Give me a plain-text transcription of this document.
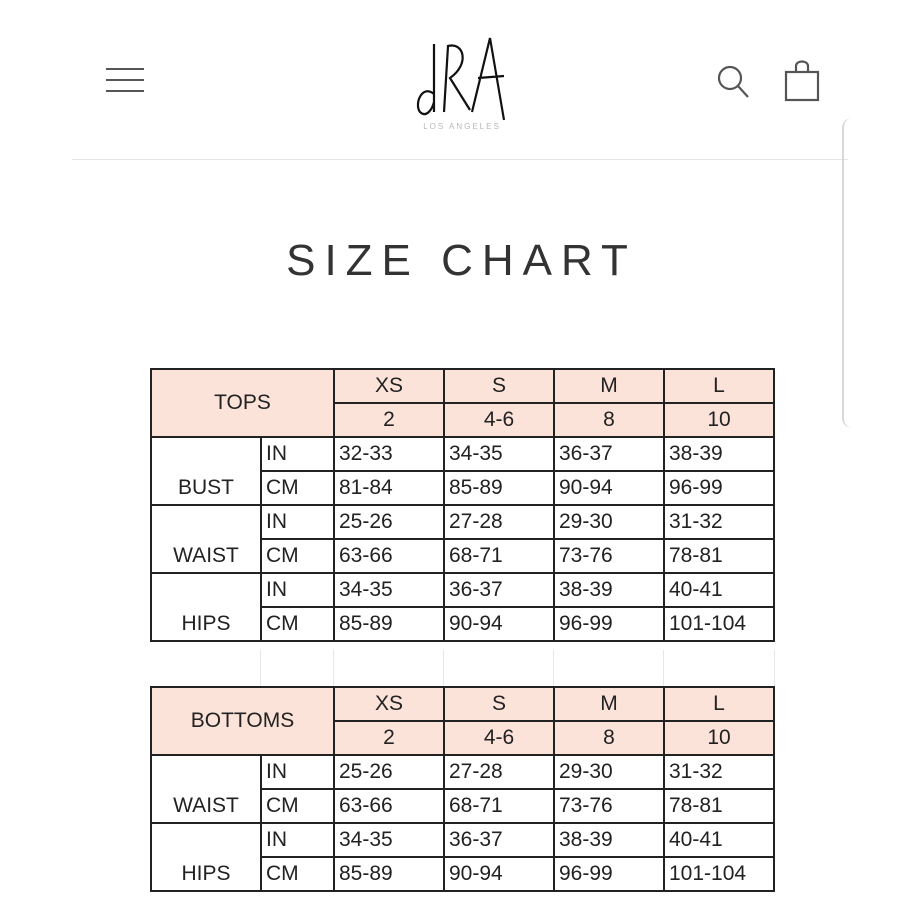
LOS ANGELES
SIZE CHART
TOPS		XS	S	M	L
		2	4-6	8	10
BUST	IN	32-33	34-35	36-37	38-39
	CM	81-84	85-89	90-94	96-99
WAIST	IN	25-26	27-28	29-30	31-32
	CM	63-66	68-71	73-76	78-81
HIPS	IN	34-35	36-37	38-39	40-41
	CM	85-89	90-94	96-99	101-104
BOTTOMS		XS	S	M	L
		2	4-6	8	10
WAIST	IN	25-26	27-28	29-30	31-32
	CM	63-66	68-71	73-76	78-81
HIPS	IN	34-35	36-37	38-39	40-41
	CM	85-89	90-94	96-99	101-104
